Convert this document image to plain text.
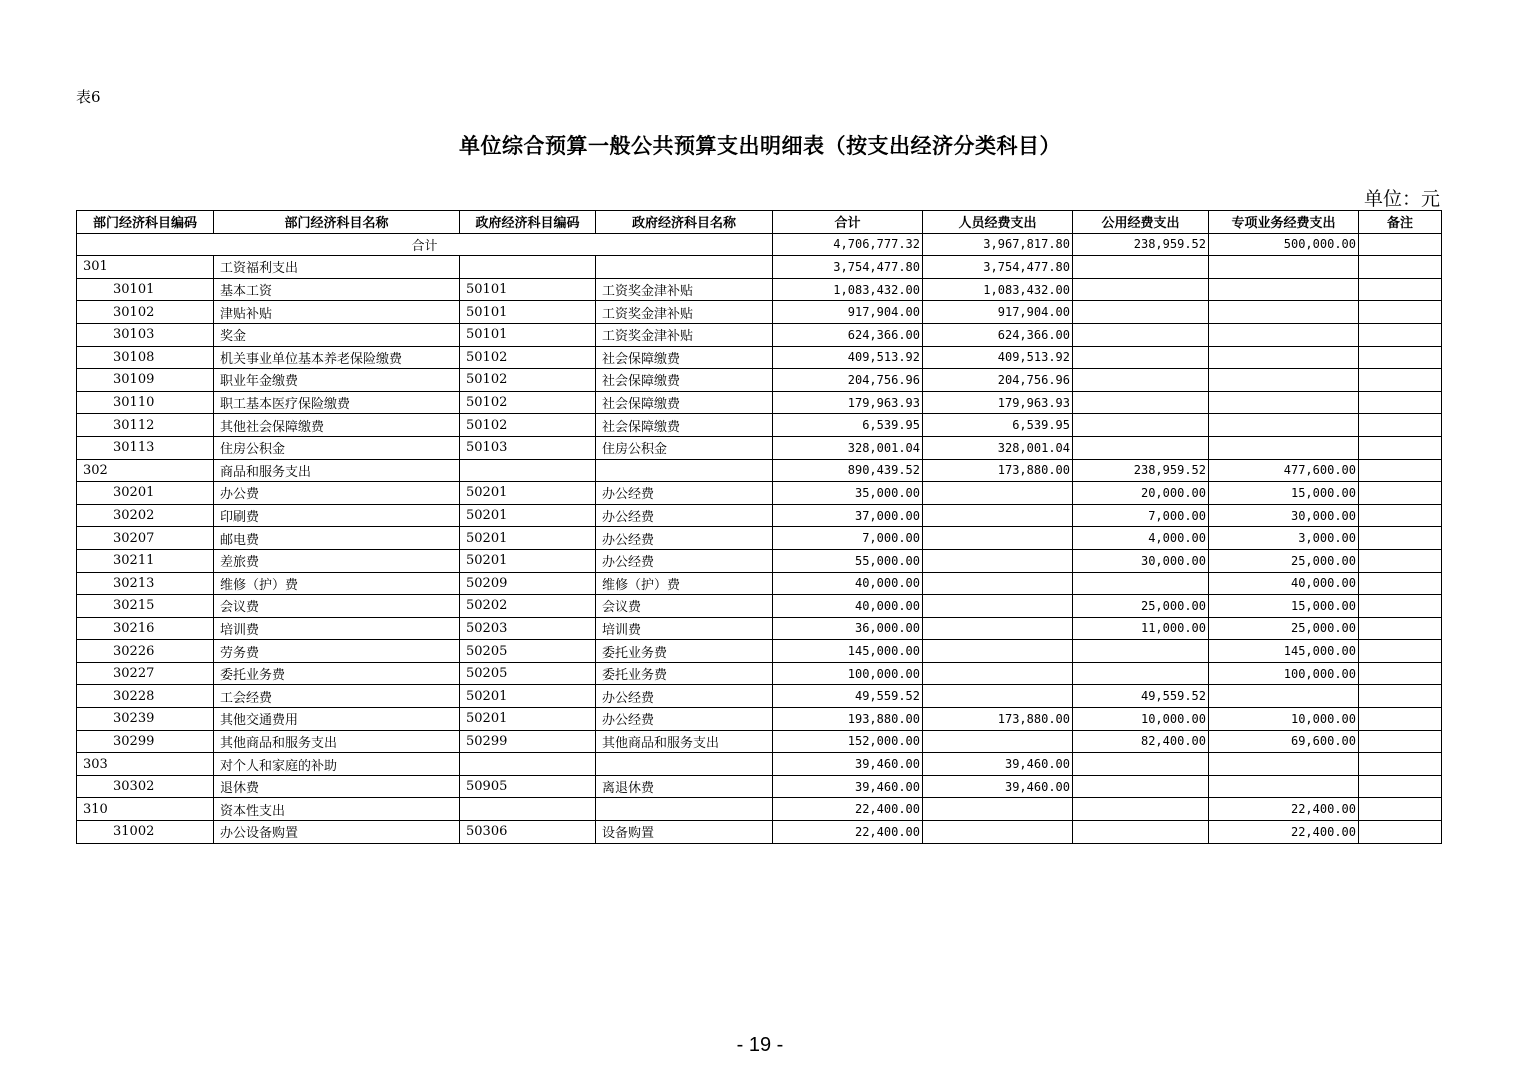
表6
单位综合预算一般公共预算支出明细表（按支出经济分类科目）
单位：元
部门经济科目编码	部门经济科目名称	政府经济科目编码	政府经济科目名称	合计	人员经费支出	公用经费支出	专项业务经费支出	备注
合计				4,706,777.32	3,967,817.80	238,959.52	500,000.00	
301	工资福利支出			3,754,477.80	3,754,477.80			
30101	基本工资	50101	工资奖金津补贴	1,083,432.00	1,083,432.00			
30102	津贴补贴	50101	工资奖金津补贴	917,904.00	917,904.00			
30103	奖金	50101	工资奖金津补贴	624,366.00	624,366.00			
30108	机关事业单位基本养老保险缴费	50102	社会保障缴费	409,513.92	409,513.92			
30109	职业年金缴费	50102	社会保障缴费	204,756.96	204,756.96			
30110	职工基本医疗保险缴费	50102	社会保障缴费	179,963.93	179,963.93			
30112	其他社会保障缴费	50102	社会保障缴费	6,539.95	6,539.95			
30113	住房公积金	50103	住房公积金	328,001.04	328,001.04			
302	商品和服务支出			890,439.52	173,880.00	238,959.52	477,600.00	
30201	办公费	50201	办公经费	35,000.00		20,000.00	15,000.00	
30202	印刷费	50201	办公经费	37,000.00		7,000.00	30,000.00	
30207	邮电费	50201	办公经费	7,000.00		4,000.00	3,000.00	
30211	差旅费	50201	办公经费	55,000.00		30,000.00	25,000.00	
30213	维修（护）费	50209	维修（护）费	40,000.00			40,000.00	
30215	会议费	50202	会议费	40,000.00		25,000.00	15,000.00	
30216	培训费	50203	培训费	36,000.00		11,000.00	25,000.00	
30226	劳务费	50205	委托业务费	145,000.00			145,000.00	
30227	委托业务费	50205	委托业务费	100,000.00			100,000.00	
30228	工会经费	50201	办公经费	49,559.52		49,559.52		
30239	其他交通费用	50201	办公经费	193,880.00	173,880.00	10,000.00	10,000.00	
30299	其他商品和服务支出	50299	其他商品和服务支出	152,000.00		82,400.00	69,600.00	
303	对个人和家庭的补助			39,460.00	39,460.00			
30302	退休费	50905	离退休费	39,460.00	39,460.00			
310	资本性支出			22,400.00			22,400.00	
31002	办公设备购置	50306	设备购置	22,400.00			22,400.00	
- 19 -
